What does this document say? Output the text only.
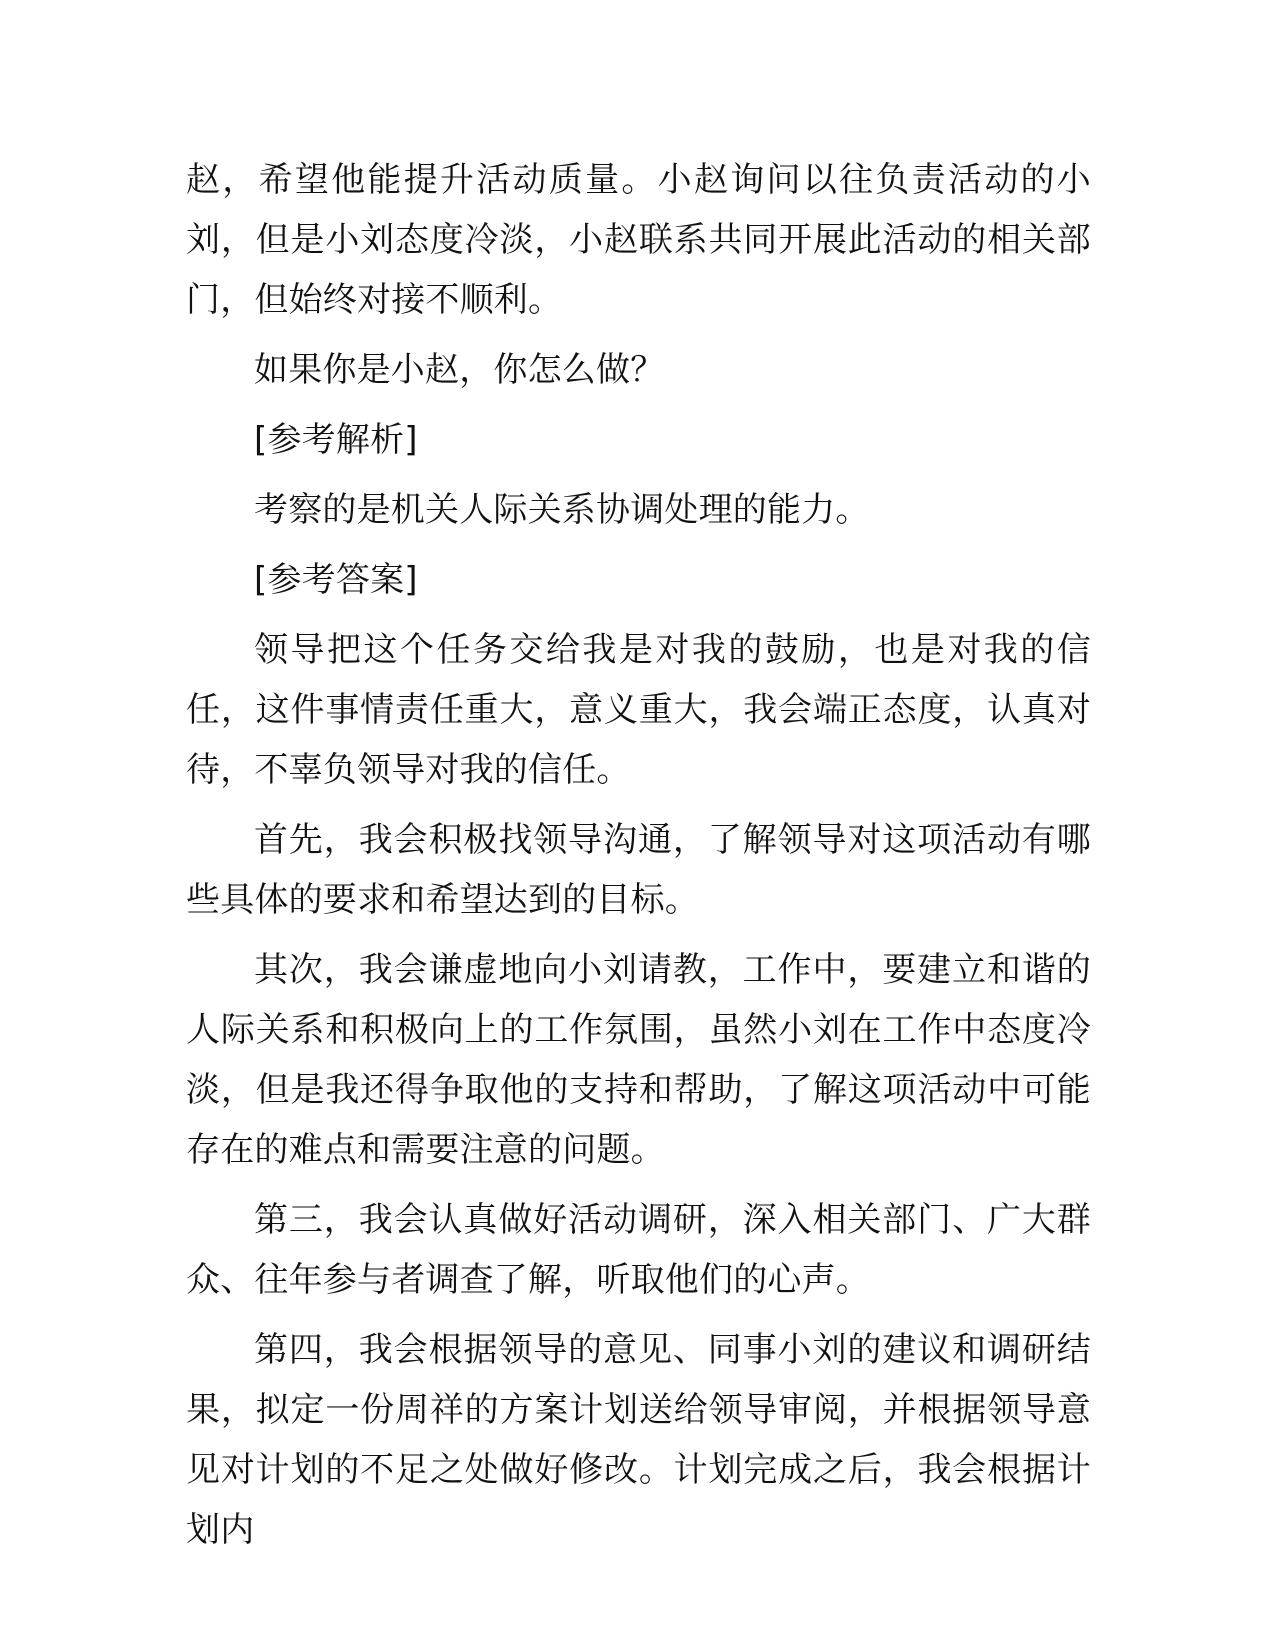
赵，希望他能提升活动质量。小赵询问以往负责活动的小刘，但是小刘态度冷淡，小赵联系共同开展此活动的相关部门，但始终对接不顺利。

如果你是小赵，你怎么做？

[参考解析]

考察的是机关人际关系协调处理的能力。

[参考答案]

领导把这个任务交给我是对我的鼓励，也是对我的信任，这件事情责任重大，意义重大，我会端正态度，认真对待，不辜负领导对我的信任。

首先，我会积极找领导沟通，了解领导对这项活动有哪些具体的要求和希望达到的目标。

其次，我会谦虚地向小刘请教，工作中，要建立和谐的人际关系和积极向上的工作氛围，虽然小刘在工作中态度冷淡，但是我还得争取他的支持和帮助，了解这项活动中可能存在的难点和需要注意的问题。

第三，我会认真做好活动调研，深入相关部门、广大群众、往年参与者调查了解，听取他们的心声。

第四，我会根据领导的意见、同事小刘的建议和调研结果，拟定一份周祥的方案计划送给领导审阅，并根据领导意见对计划的不足之处做好修改。计划完成之后，我会根据计划内
